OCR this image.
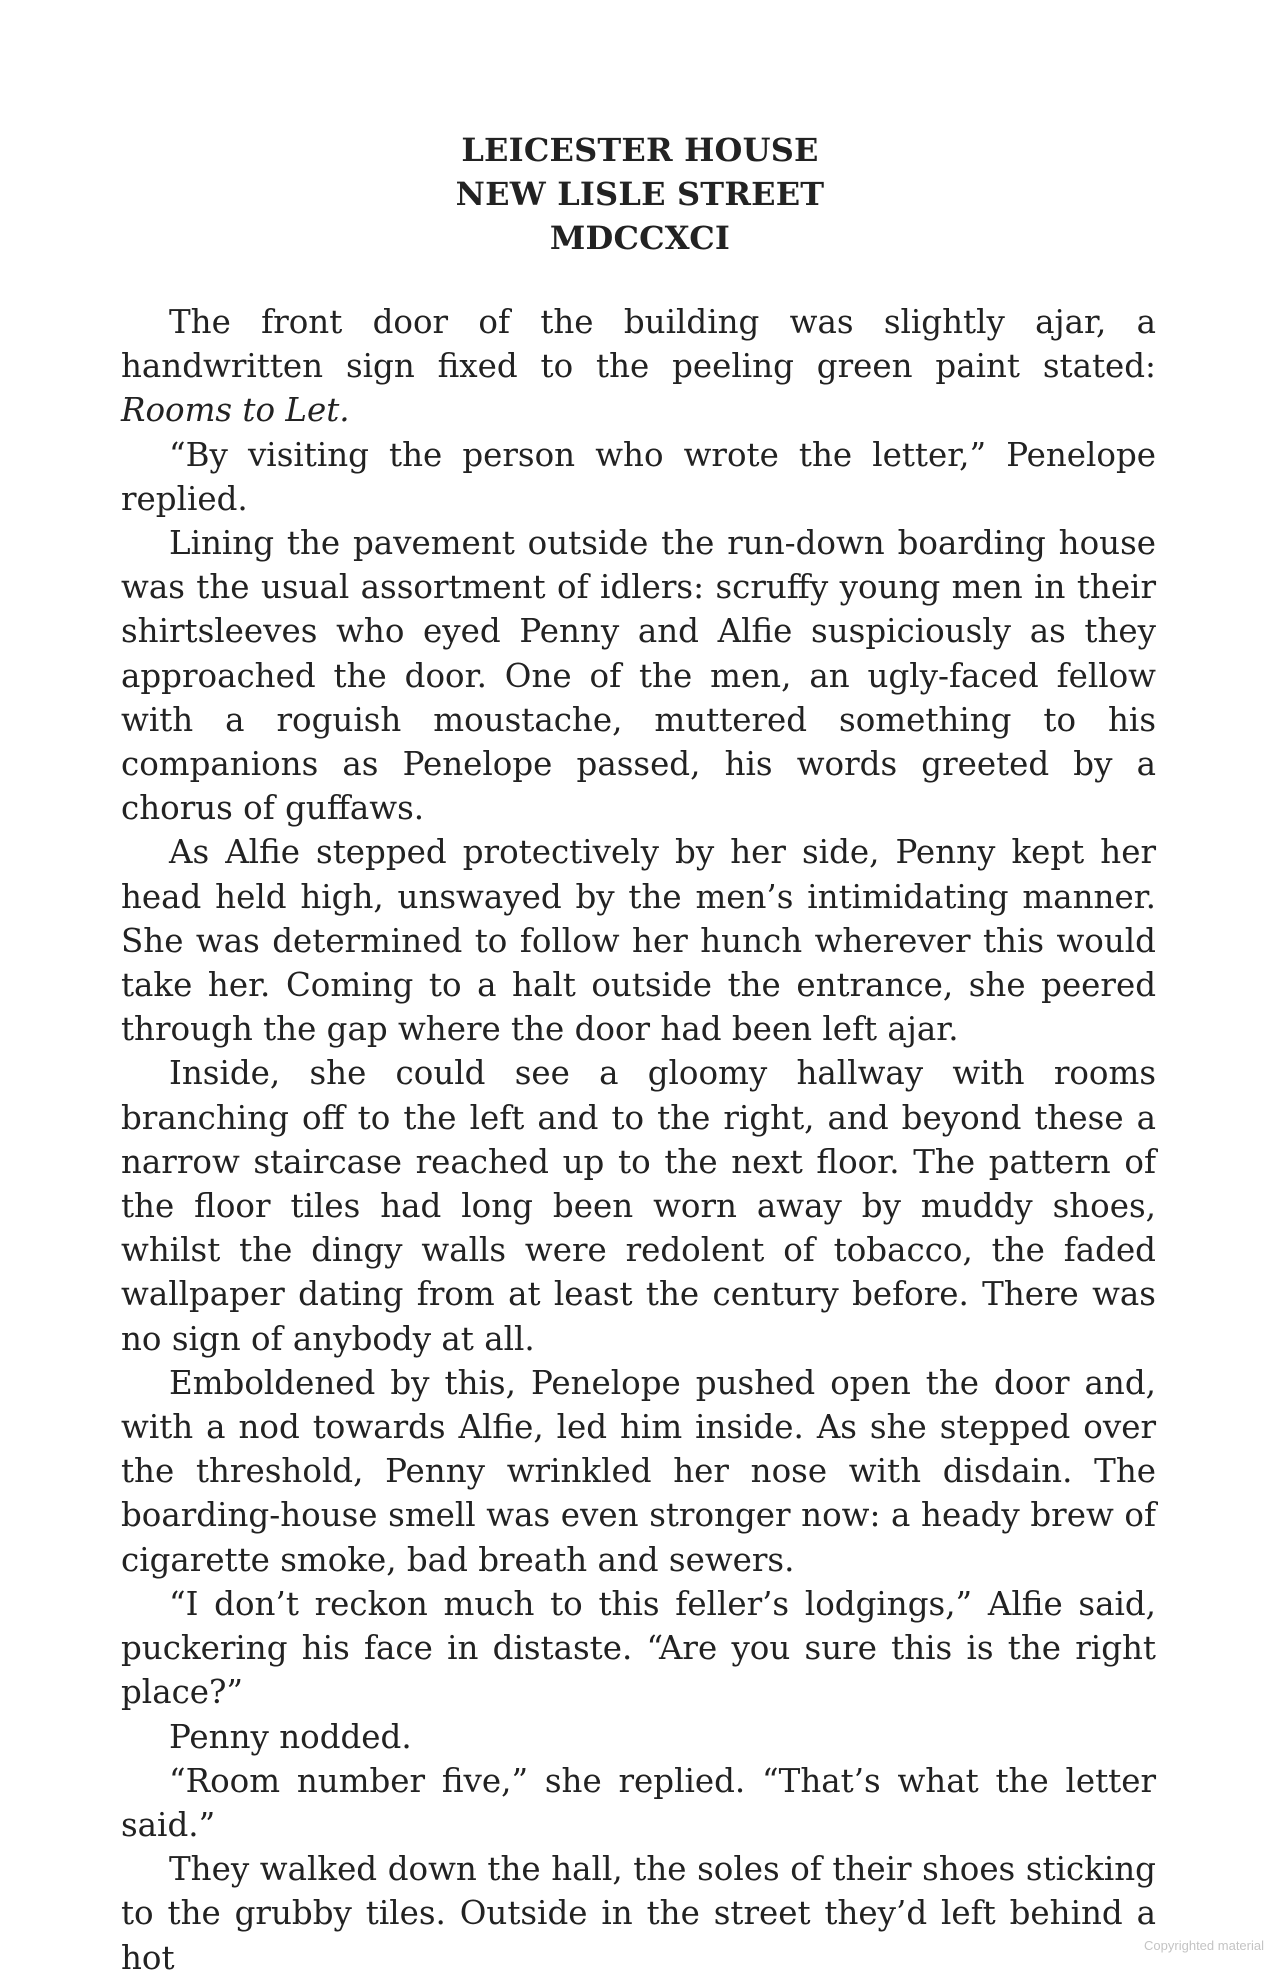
LEICESTER HOUSE
NEW LISLE STREET
MDCCXCI

The front door of the building was slightly ajar, a handwritten sign fixed to the peeling green paint stated: Rooms to Let.

“By visiting the person who wrote the letter,” Penelope replied.

Lining the pavement outside the run-down boarding house was the usual assortment of idlers: scruffy young men in their shirtsleeves who eyed Penny and Alfie suspiciously as they approached the door. One of the men, an ugly-faced fellow with a roguish moustache, muttered something to his companions as Penelope passed, his words greeted by a chorus of guffaws.

As Alfie stepped protectively by her side, Penny kept her head held high, unswayed by the men’s intimidating manner. She was determined to follow her hunch wherever this would take her. Coming to a halt outside the entrance, she peered through the gap where the door had been left ajar.

Inside, she could see a gloomy hallway with rooms branching off to the left and to the right, and beyond these a narrow staircase reached up to the next floor. The pattern of the floor tiles had long been worn away by muddy shoes, whilst the dingy walls were redolent of tobacco, the faded wallpaper dating from at least the century before. There was no sign of anybody at all.

Emboldened by this, Penelope pushed open the door and, with a nod towards Alfie, led him inside. As she stepped over the threshold, Penny wrinkled her nose with disdain. The boarding-house smell was even stronger now: a heady brew of cigarette smoke, bad breath and sewers.

“I don’t reckon much to this feller’s lodgings,” Alfie said, puckering his face in distaste. “Are you sure this is the right place?”

Penny nodded.

“Room number five,” she replied. “That’s what the letter said.”

They walked down the hall, the soles of their shoes sticking to the grubby tiles. Outside in the street they’d left behind a hot	Copyrighted material
